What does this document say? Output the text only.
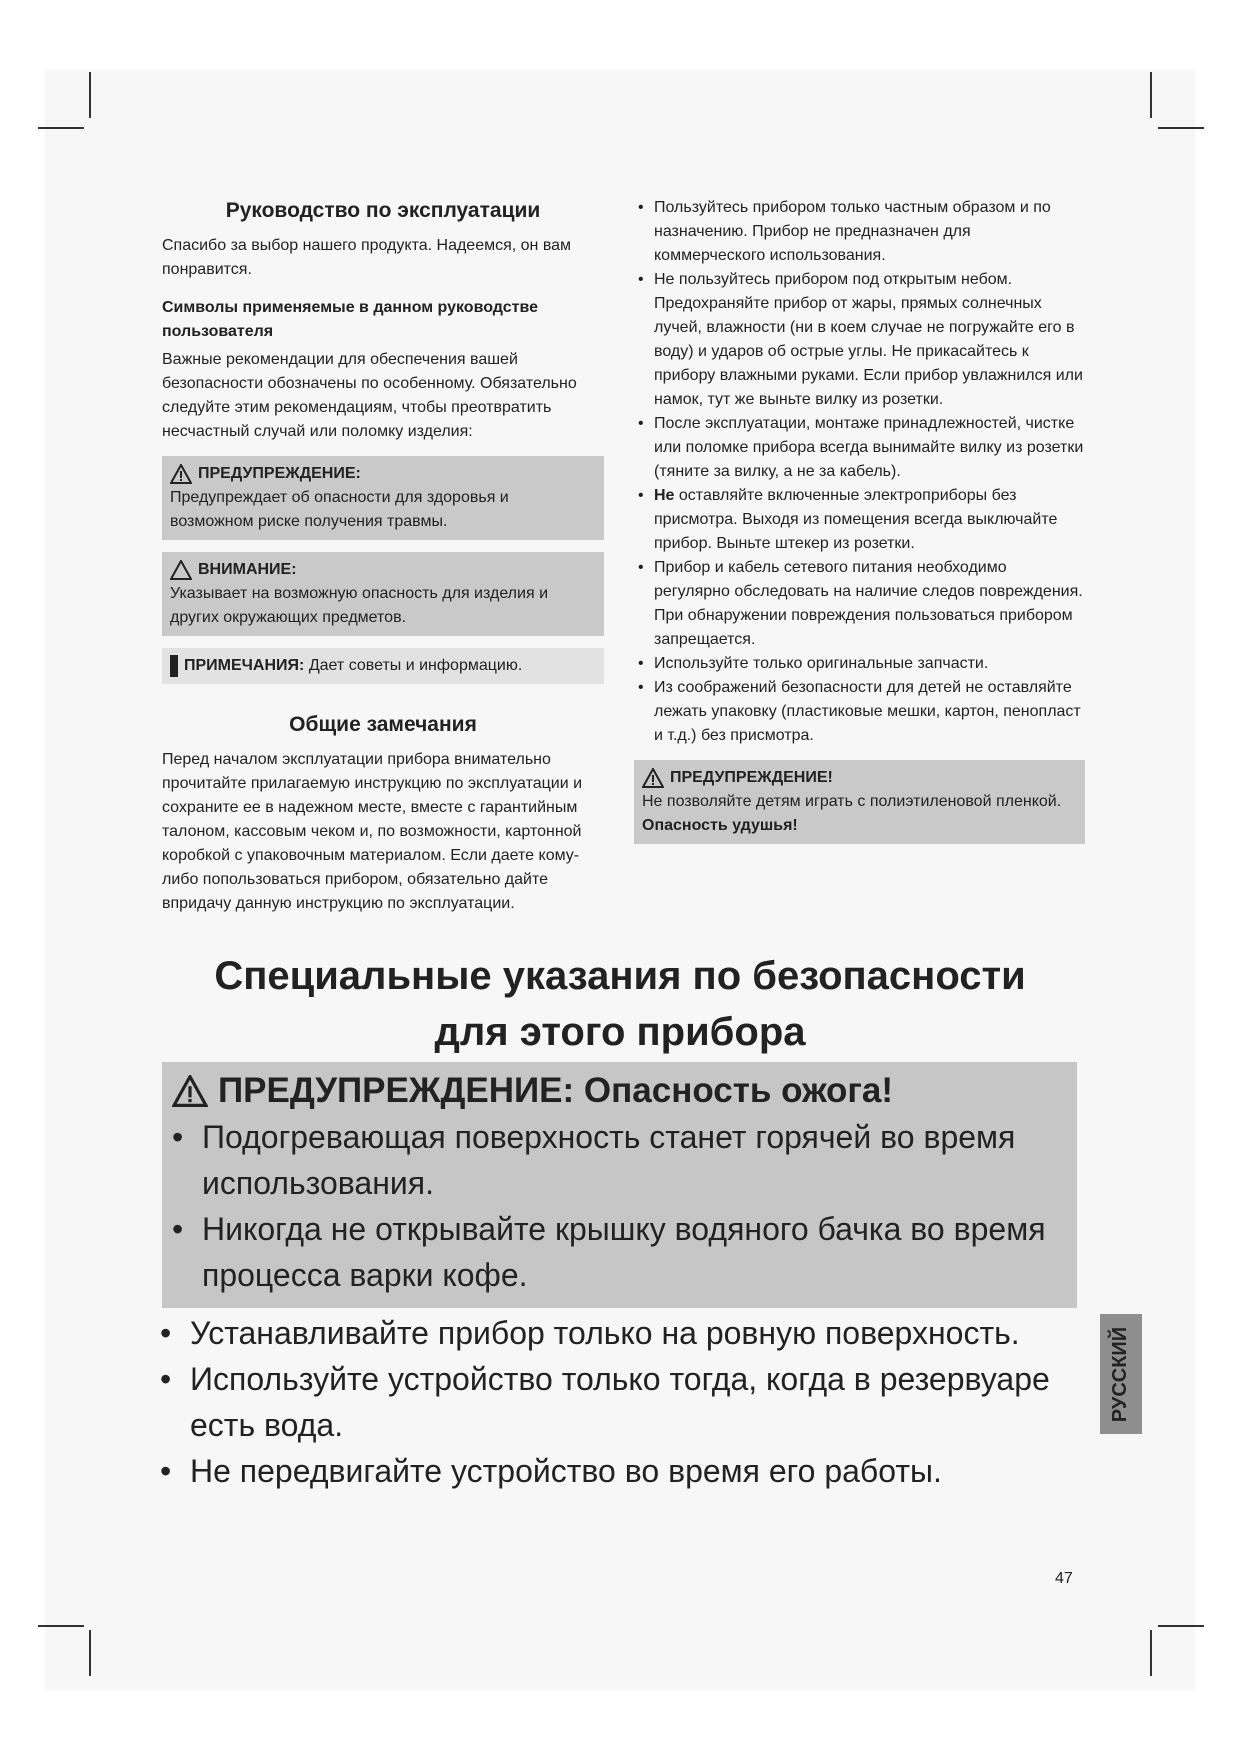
Руководство по эксплуатации

Спасибо за выбор нашего продукта. Надеемся, он вам понравится.

Символы применяемые в данном руководстве пользователя

Важные рекомендации для обеспечения вашей безопасности обозначены по особенному. Обязательно следуйте этим рекомендациям, чтобы преотвратить несчастный случай или поломку изделия:

ПРЕДУПРЕЖДЕНИЕ:

Предупреждает об опасности для здоровья и возможном риске получения травмы.

ВНИМАНИЕ:

Указывает на возможную опасность для изделия и других окружающих предметов.

ПРИМЕЧАНИЯ: Дает советы и информацию.
Общие замечания

Перед началом эксплуатации прибора внимательно прочитайте прилагаемую инструкцию по эксплуатации и сохраните ее в надежном месте, вместе с гарантийным талоном, кассовым чеком и, по возможности, картонной коробкой с упаковочным материалом. Если даете кому-либо попользоваться прибором, обязательно дайте впридачу данную инструкцию по эксплуатации.

• Пользуйтесь прибором только частным образом и по назначению. Прибор не предназначен для коммерческого использования.
• Не пользуйтесь прибором под открытым небом. Предохраняйте прибор от жары, прямых солнечных лучей, влажности (ни в коем случае не погружайте его в воду) и ударов об острые углы. Не прикасайтесь к прибору влажными руками. Если прибор увлажнился или намок, тут же выньте вилку из розетки.
• После эксплуатации, монтаже принадлежностей, чистке или поломке прибора всегда вынимайте вилку из розетки (тяните за вилку, а не за кабель).
• Не оставляйте включенные электроприборы без присмотра. Выходя из помещения всегда выключайте прибор. Выньте штекер из розетки.
• Прибор и кабель сетевого питания необходимо регулярно обследовать на наличие следов повреждения. При обнаружении повреждения пользоваться прибором запрещается.
• Используйте только оригинальные запчасти.
• Из соображений безопасности для детей не оставляйте лежать упаковку (пластиковые мешки, картон, пенопласт и т.д.) без присмотра.
ПРЕДУПРЕЖДЕНИЕ!

Не позволяйте детям играть с полиэтиленовой пленкой. Опасность удушья!

Специальные указания по безопасности
для этого прибора
ПРЕДУПРЕЖДЕНИЕ: Опасность ожога!
• Подогревающая поверхность станет горячей во время использования.
• Никогда не открывайте крышку водяного бачка во время процесса варки кофе.
• Устанавливайте прибор только на ровную поверхность.
• Используйте устройство только тогда, когда в резервуаре есть вода.
• Не передвигайте устройство во время его работы.
РУССКИЙ
47
